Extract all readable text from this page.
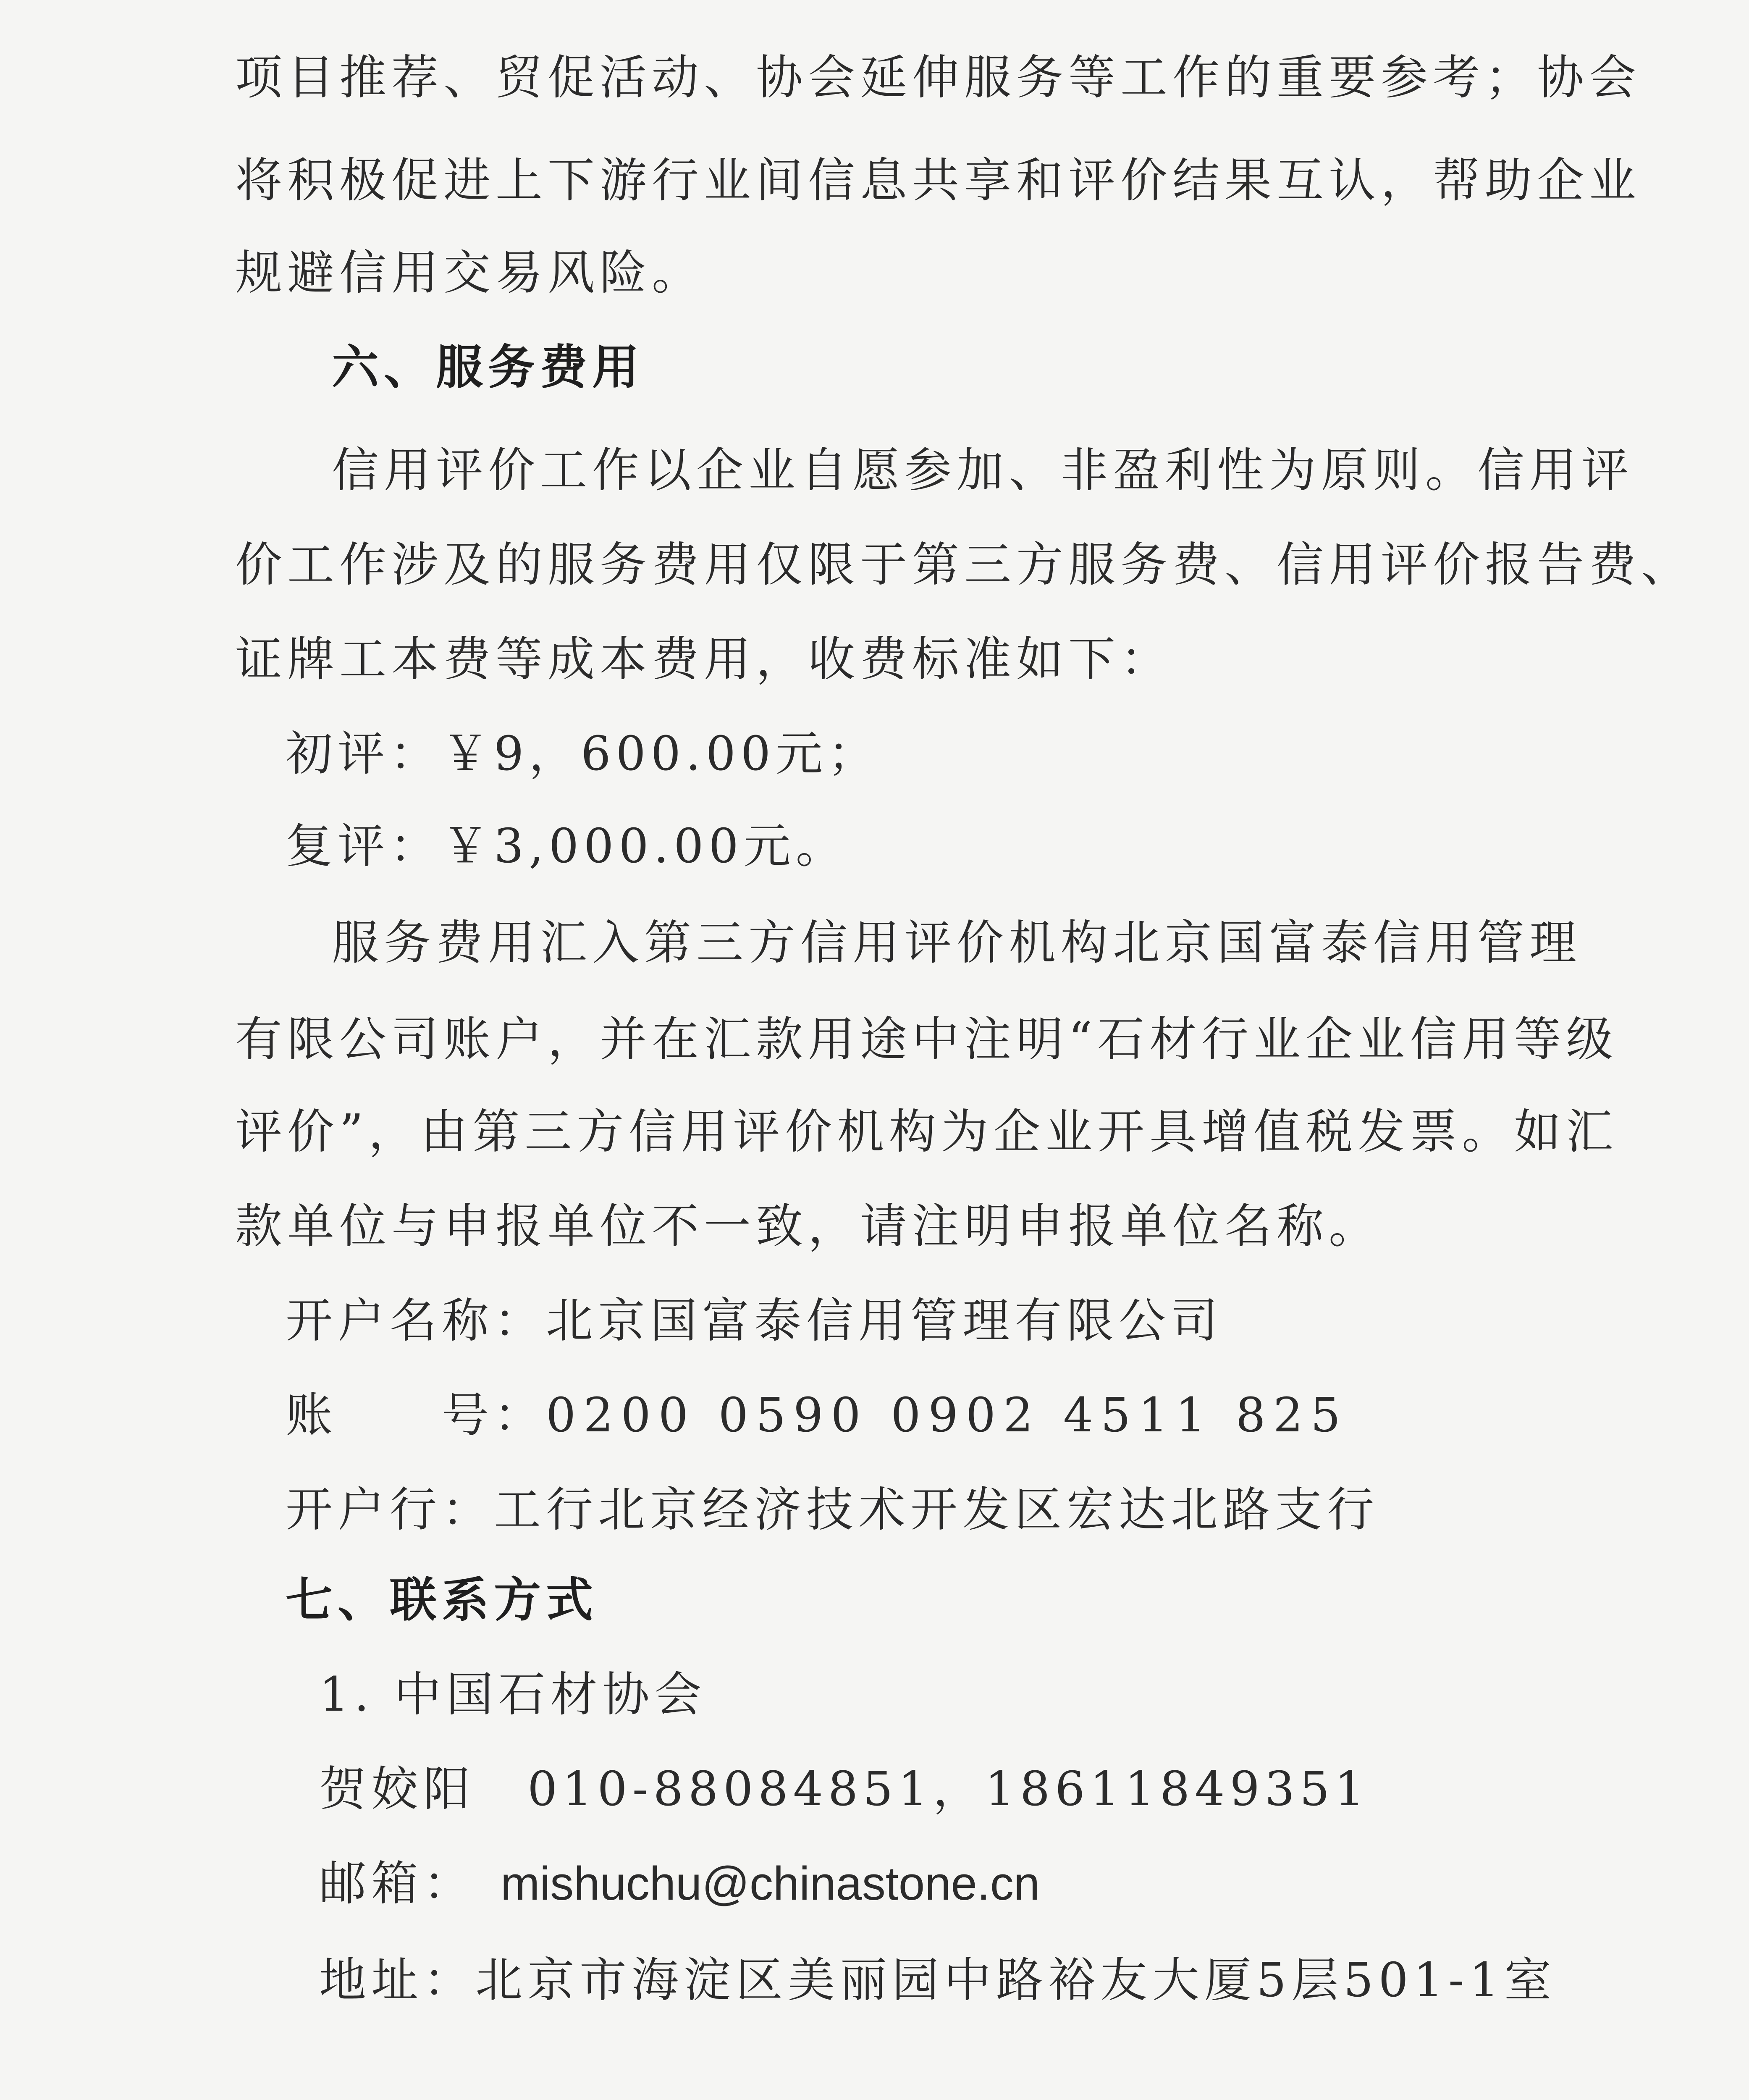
项目推荐、贸促活动、协会延伸服务等工作的重要参考；协会
将积极促进上下游行业间信息共享和评价结果互认，帮助企业
规避信用交易风险。
六、服务费用
信用评价工作以企业自愿参加、非盈利性为原则。信用评
价工作涉及的服务费用仅限于第三方服务费、信用评价报告费、
证牌工本费等成本费用，收费标准如下：
初评：￥9，600.00元；
复评：￥3,000.00元。
服务费用汇入第三方信用评价机构北京国富泰信用管理
有限公司账户，并在汇款用途中注明“石材行业企业信用等级
评价”，由第三方信用评价机构为企业开具增值税发票。如汇
款单位与申报单位不一致，请注明申报单位名称。
开户名称：北京国富泰信用管理有限公司
账　　号：0200 0590 0902 4511 825
开户行：工行北京经济技术开发区宏达北路支行
七、联系方式
1. 中国石材协会
贺姣阳　010-88084851，18611849351
邮箱： mishuchu@chinastone.cn
地址：北京市海淀区美丽园中路裕友大厦5层501-1室
